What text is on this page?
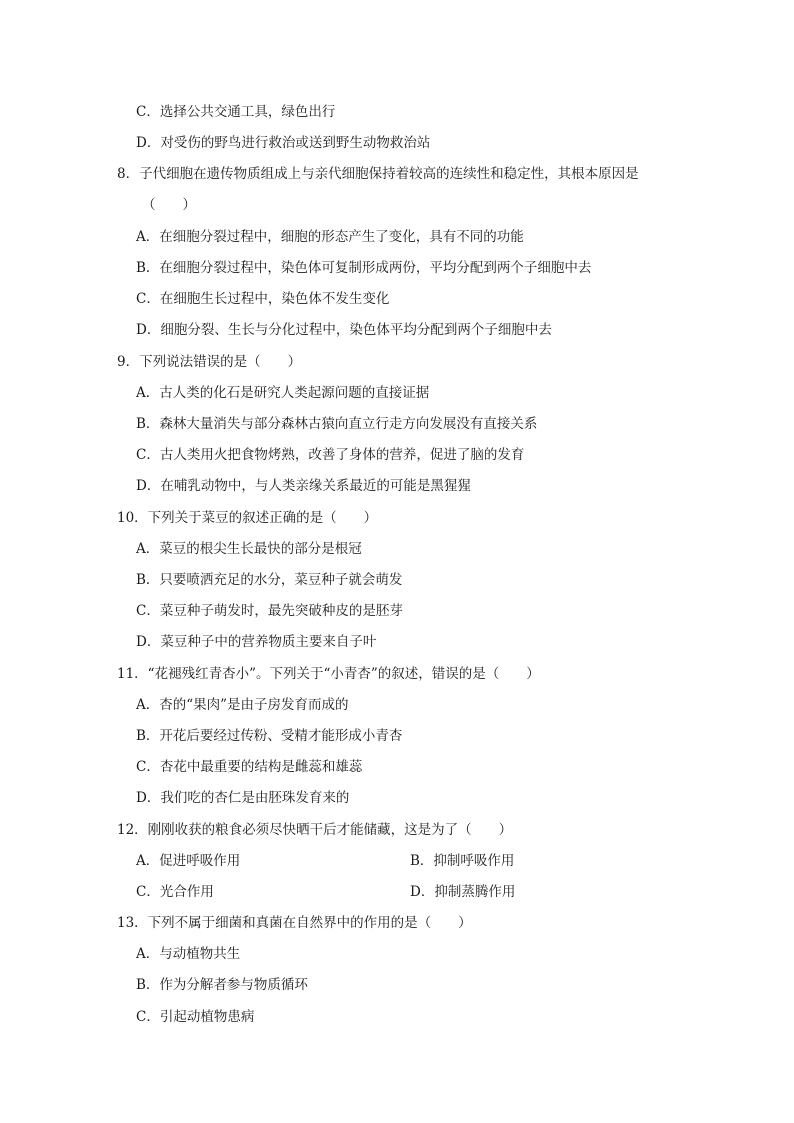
C．选择公共交通工具，绿色出行
D．对受伤的野鸟进行救治或送到野生动物救治站
8．子代细胞在遗传物质组成上与亲代细胞保持着较高的连续性和稳定性，其根本原因是
（　　）
A．在细胞分裂过程中，细胞的形态产生了变化，具有不同的功能
B．在细胞分裂过程中，染色体可复制形成两份，平均分配到两个子细胞中去
C．在细胞生长过程中，染色体不发生变化
D．细胞分裂、生长与分化过程中，染色体平均分配到两个子细胞中去
9．下列说法错误的是（　　）
A．古人类的化石是研究人类起源问题的直接证据
B．森林大量消失与部分森林古猿向直立行走方向发展没有直接关系
C．古人类用火把食物烤熟，改善了身体的营养，促进了脑的发育
D．在哺乳动物中，与人类亲缘关系最近的可能是黑猩猩
10．下列关于菜豆的叙述正确的是（　　）
A．菜豆的根尖生长最快的部分是根冠
B．只要喷洒充足的水分，菜豆种子就会萌发
C．菜豆种子萌发时，最先突破种皮的是胚芽
D．菜豆种子中的营养物质主要来自子叶
11．“花褪残红青杏小”。下列关于“小青杏”的叙述，错误的是（　　）
A．杏的“果肉”是由子房发育而成的
B．开花后要经过传粉、受精才能形成小青杏
C．杏花中最重要的结构是雌蕊和雄蕊
D．我们吃的杏仁是由胚珠发育来的
12．刚刚收获的粮食必须尽快晒干后才能储藏，这是为了（　　）
A．促进呼吸作用	B．抑制呼吸作用
C．光合作用	D．抑制蒸腾作用
13．下列不属于细菌和真菌在自然界中的作用的是（　　）
A．与动植物共生
B．作为分解者参与物质循环
C．引起动植物患病
